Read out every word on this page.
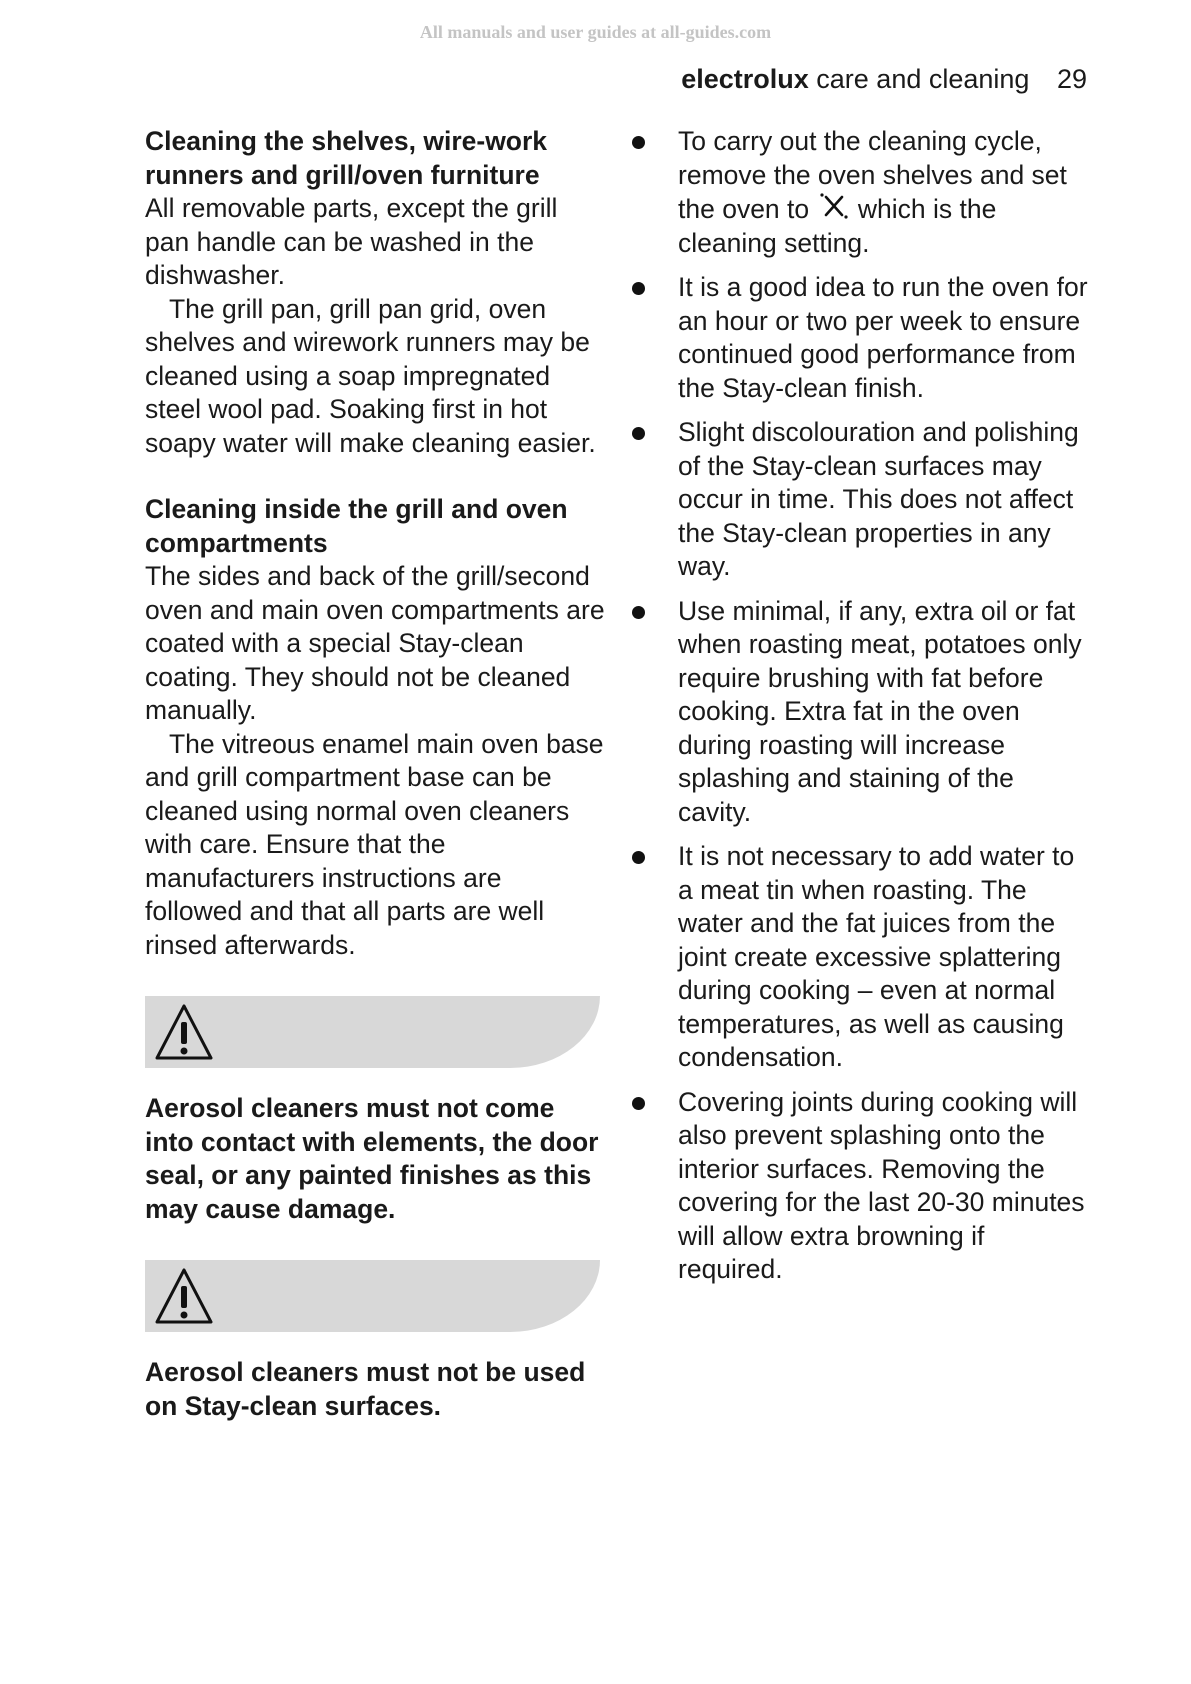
All manuals and user guides at all-guides.com
electrolux care and cleaning 29
Cleaning the shelves, wire-work runners and grill/oven furniture

All removable parts, except the grill pan handle can be washed in the dishwasher.

The grill pan, grill pan grid, oven shelves and wirework runners may be cleaned using a soap impregnated steel wool pad. Soaking first in hot soapy water will make cleaning easier.

Cleaning inside the grill and oven compartments

The sides and back of the grill/second oven and main oven compartments are coated with a special Stay-clean coating. They should not be cleaned manually.

The vitreous enamel main oven base and grill compartment base can be cleaned using normal oven cleaners with care. Ensure that the manufacturers instructions are followed and that all parts are well rinsed afterwards.

Aerosol cleaners must not come into contact with elements, the door seal, or any painted finishes as this may cause damage.

Aerosol cleaners must not be used on Stay-clean surfaces.

To carry out the cleaning cycle, remove the oven shelves and set the oven to which is the cleaning setting.
It is a good idea to run the oven for an hour or two per week to ensure continued good performance from the Stay-clean finish.
Slight discolouration and polishing of the Stay-clean surfaces may occur in time. This does not affect the Stay-clean properties in any way.
Use minimal, if any, extra oil or fat when roasting meat, potatoes only require brushing with fat before cooking. Extra fat in the oven during roasting will increase splashing and staining of the cavity.
It is not necessary to add water to a meat tin when roasting. The water and the fat juices from the joint create excessive splattering during cooking – even at normal temperatures, as well as causing condensation.
Covering joints during cooking will also prevent splashing onto the interior surfaces. Removing the covering for the last 20-30 minutes will allow extra browning if required.
